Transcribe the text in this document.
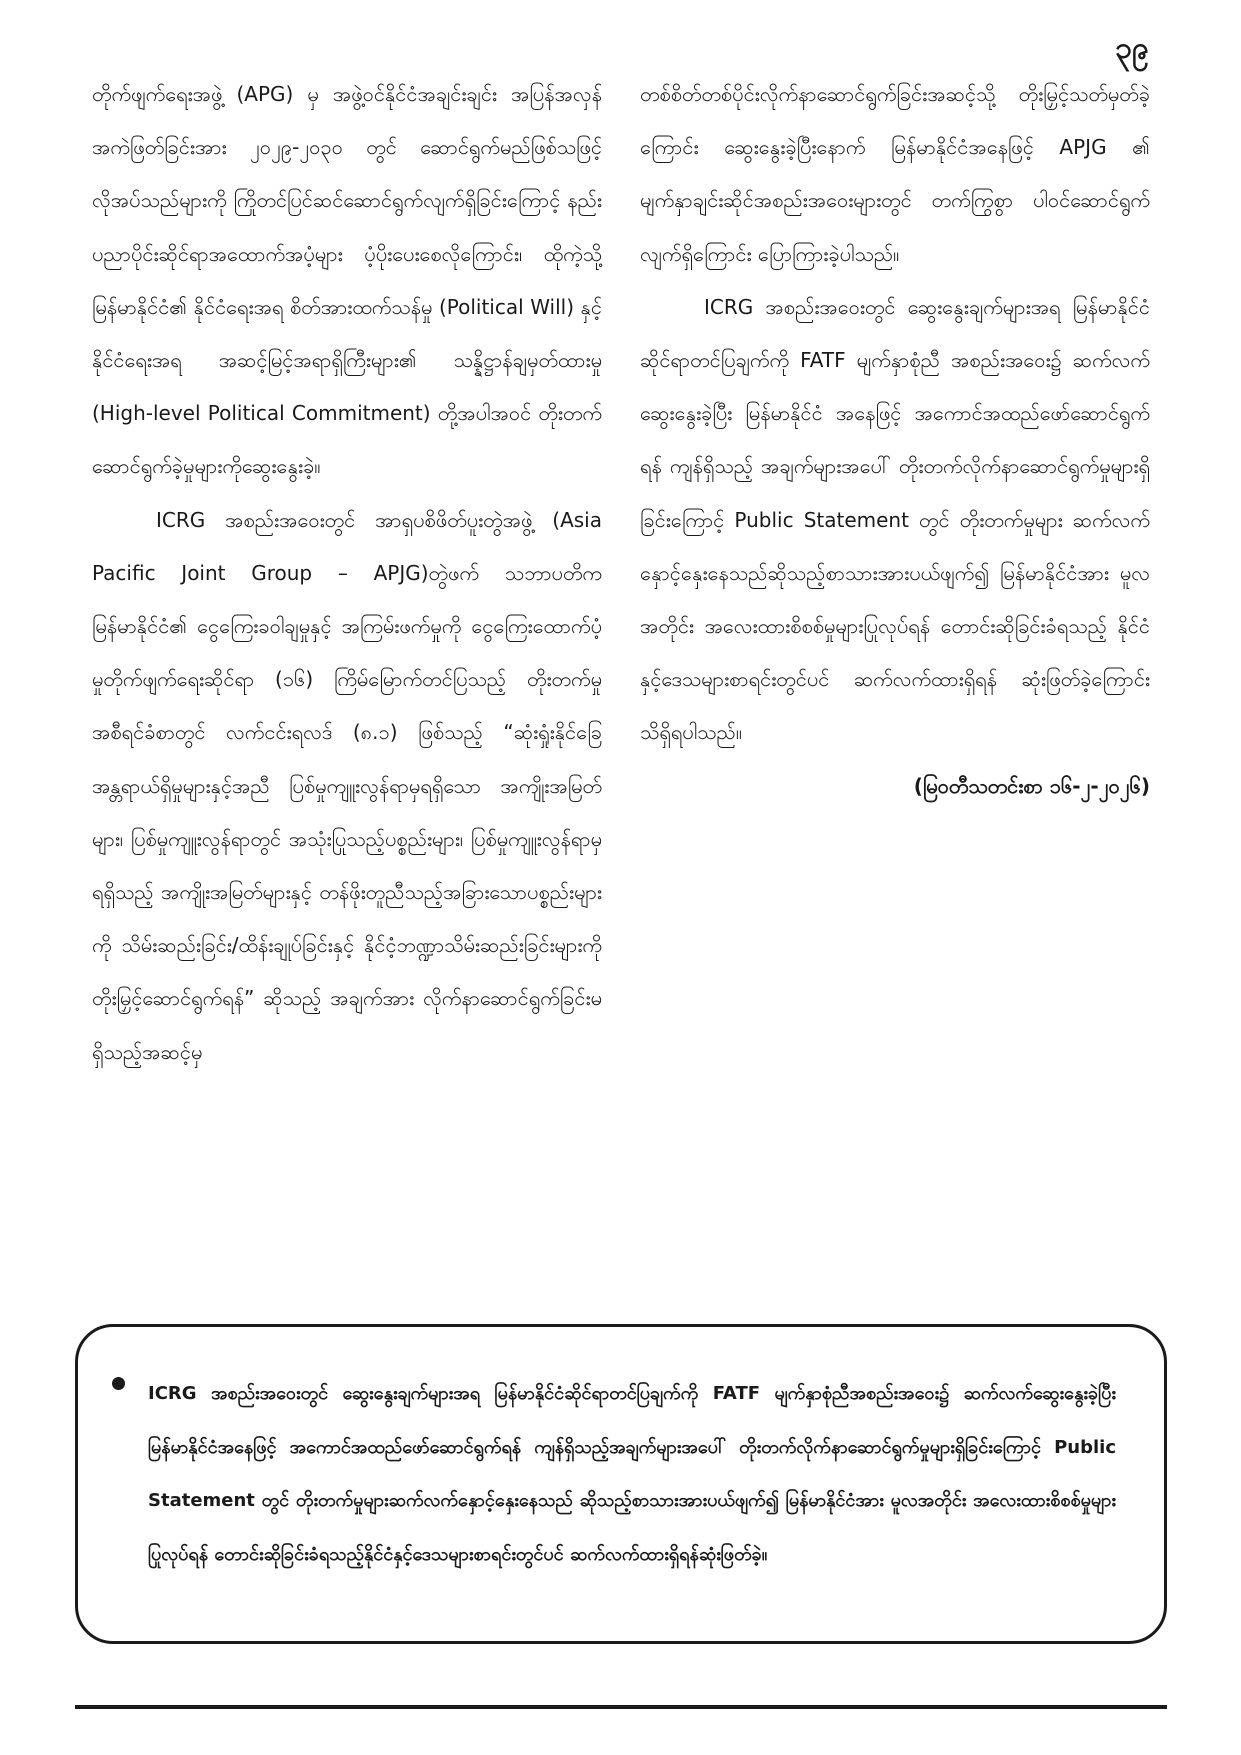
၃၉

တိုက်ဖျက်ရေးအဖွဲ့ (APG) မှ အဖွဲ့ဝင်နိုင်ငံအချင်းချင်း အပြန်အလှန်အကဲဖြတ်ခြင်းအား ၂၀၂၉-၂၀၃၀ တွင် ဆောင်ရွက်မည်ဖြစ်သဖြင့် လိုအပ်သည်များကို ကြိုတင်ပြင်ဆင်ဆောင်ရွက်လျက်ရှိခြင်းကြောင့် နည်းပညာပိုင်းဆိုင်ရာအထောက်အပံ့များ ပံ့ပိုးပေးစေလိုကြောင်း၊ ထိုကဲ့သို့ မြန်မာနိုင်ငံ၏ နိုင်ငံရေးအရ စိတ်အားထက်သန်မှု (Political Will) နှင့် နိုင်ငံရေးအရ အဆင့်မြင့်အရာရှိကြီးများ၏ သန္နိဋ္ဌာန်ချမှတ်ထားမှု (High-level Political Commitment) တို့အပါအဝင် တိုးတက်ဆောင်ရွက်ခဲ့မှုများကိုဆွေးနွေးခဲ့။

ICRG အစည်းအဝေးတွင် အာရှပစိဖိတ်ပူးတွဲအဖွဲ့ (Asia Pacific Joint Group – APJG)တွဲဖက် သဘာပတိက မြန်မာနိုင်ငံ၏ ငွေကြေးခဝါချမှုနှင့် အကြမ်းဖက်မှုကို ငွေကြေးထောက်ပံ့မှုတိုက်ဖျက်ရေးဆိုင်ရာ (၁၆) ကြိမ်မြောက်တင်ပြသည့် တိုးတက်မှုအစီရင်ခံစာတွင် လက်ငင်းရလဒ် (၈.၁) ဖြစ်သည့် “ဆုံးရှုံးနိုင်ခြေအန္တရာယ်ရှိမှုများနှင့်အညီ ပြစ်မှုကျူးလွန်ရာမှရရှိသော အကျိုးအမြတ်များ၊ ပြစ်မှုကျူးလွန်ရာတွင် အသုံးပြုသည့်ပစ္စည်းများ၊ ပြစ်မှုကျူးလွန်ရာမှရရှိသည့် အကျိုးအမြတ်များနှင့် တန်ဖိုးတူညီသည့်အခြားသောပစ္စည်းများကို သိမ်းဆည်းခြင်း/ထိန်းချုပ်ခြင်းနှင့် နိုင်ငံ့ဘဏ္ဍာသိမ်းဆည်းခြင်းများကို တိုးမြှင့်ဆောင်ရွက်ရန်” ဆိုသည့် အချက်အား လိုက်နာဆောင်ရွက်ခြင်းမရှိသည့်အဆင့်မှ

တစ်စိတ်တစ်ပိုင်းလိုက်နာဆောင်ရွက်ခြင်းအဆင့်သို့ တိုးမြှင့်သတ်မှတ်ခဲ့ကြောင်း ဆွေးနွေးခဲ့ပြီးနောက် မြန်မာနိုင်ငံအနေဖြင့် APJG ၏ မျက်နှာချင်းဆိုင်အစည်းအဝေးများတွင် တက်ကြွစွာ ပါဝင်ဆောင်ရွက်လျက်ရှိကြောင်း ပြောကြားခဲ့ပါသည်။

ICRG အစည်းအဝေးတွင် ဆွေးနွေးချက်များအရ မြန်မာနိုင်ငံဆိုင်ရာတင်ပြချက်ကို FATF မျက်နှာစုံညီ အစည်းအဝေး၌ ဆက်လက်ဆွေးနွေးခဲ့ပြီး မြန်မာနိုင်ငံ အနေဖြင့် အကောင်အထည်ဖော်ဆောင်ရွက်ရန် ကျန်ရှိသည့် အချက်များအပေါ် တိုးတက်လိုက်နာဆောင်ရွက်မှုများရှိခြင်းကြောင့် Public Statement တွင် တိုးတက်မှုများ ဆက်လက်နှောင့်နှေးနေသည်ဆိုသည့်စာသားအားပယ်ဖျက်၍ မြန်မာနိုင်ငံအား မူလအတိုင်း အလေးထားစိစစ်မှုများပြုလုပ်ရန် တောင်းဆိုခြင်းခံရသည့် နိုင်ငံနှင့်ဒေသများစာရင်းတွင်ပင် ဆက်လက်ထားရှိရန် ဆုံးဖြတ်ခဲ့ကြောင်း သိရှိရပါသည်။

(မြဝတီသတင်းစာ ၁၆-၂-၂၀၂၆)

ICRG အစည်းအဝေးတွင် ဆွေးနွေးချက်များအရ မြန်မာနိုင်ငံဆိုင်ရာတင်ပြချက်ကို FATF မျက်နှာစုံညီအစည်းအဝေး၌ ဆက်လက်ဆွေးနွေးခဲ့ပြီး မြန်မာနိုင်ငံအနေဖြင့် အကောင်အထည်ဖော်ဆောင်ရွက်ရန် ကျန်ရှိသည့်အချက်များအပေါ် တိုးတက်လိုက်နာဆောင်ရွက်မှုများရှိခြင်းကြောင့် Public Statement တွင် တိုးတက်မှုများဆက်လက်နှောင့်နှေးနေသည် ဆိုသည့်စာသားအားပယ်ဖျက်၍ မြန်မာနိုင်ငံအား မူလအတိုင်း အလေးထားစိစစ်မှုများပြုလုပ်ရန် တောင်းဆိုခြင်းခံရသည့်နိုင်ငံနှင့်ဒေသများစာရင်းတွင်ပင် ဆက်လက်ထားရှိရန်ဆုံးဖြတ်ခဲ့။
